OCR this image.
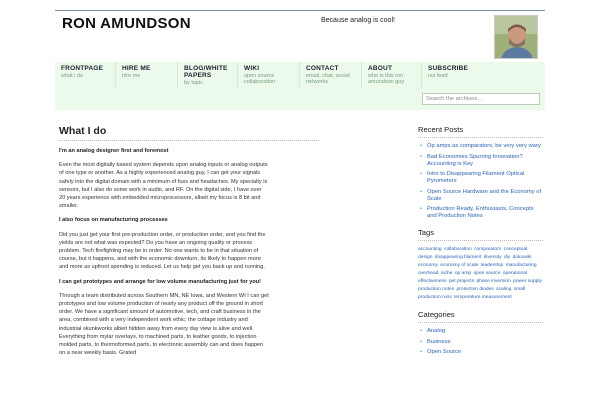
RON AMUNDSON	Because analog is cool!
FRONTPAGE
what i do
HIRE ME
hire me
BLOG/WHITE PAPERS
by topic
WIKI
open source collaboration
CONTACT
email, chat, social networks
ABOUT
who is this ron amundson guy
SUBSCRIBE
rss feed
Search the archives...
What I do
I'm an analog designer first and foremost
Even the most digitally based system depends upon analog inputs or analog outputs of one type or another. As a highly experienced analog guy, I can get your signals safely into the digital domain with a minimum of fuss and headaches. My specialty is sensors, but I also do some work in audio, and RF. On the digital side, I have over 20 years experience with embedded microprocessors, albeit my focus is 8 bit and smaller.
I also focus on manufacturing processes
Did you just get your first pre-production order, or production order, and you find the yields are not what was expected? Do you have an ongoing quality or process problem. Tech firefighting may be in order. No one wants to be in that situation of course, but it happens, and with the economic downturn, its likely to happen more and more as upfront spending is reduced. Let us help get you back up and running.
I can get prototypes and arrange for low volume manufacturing just for you!
Through a team distributed across Southern MN, NE Iowa, and Western WI I can get prototypes and low volume production of nearly any product off the ground in short order. We have a significant amount of automotive, tech, and craft business in the area, combined with a very independent work ethic; the cottage industry and industrial skunkworks albeit hidden away from every day view is alive and well. Everything from mylar overlays, to machined parts, to leather goods, to injection molded parts, to thermoformed parts, to electronic assembly can and does happen on a near weekly basis. Grated
Recent Posts
• Op amps as comparators, be very very wary
• Bad Economies Spurring Innovation? Accounting is Key
• Intro to Disappearing Filament Optical Pyrometers
• Open Source Hardware and the Economy of Scale
• Production Ready, Enthusiasts, Concepts and Production Notes
Tags
accounting collaboration comparators conceptual design disappearing filament diversity diy dokuwiki economy economy of scale leadership manufacturing overhead niche op amp open source operational effectiveness pet projects phase inversion power supply production notes protection diodes scaling small production runs temperature measurement
Categories
• Analog
• Business
• Open Source
